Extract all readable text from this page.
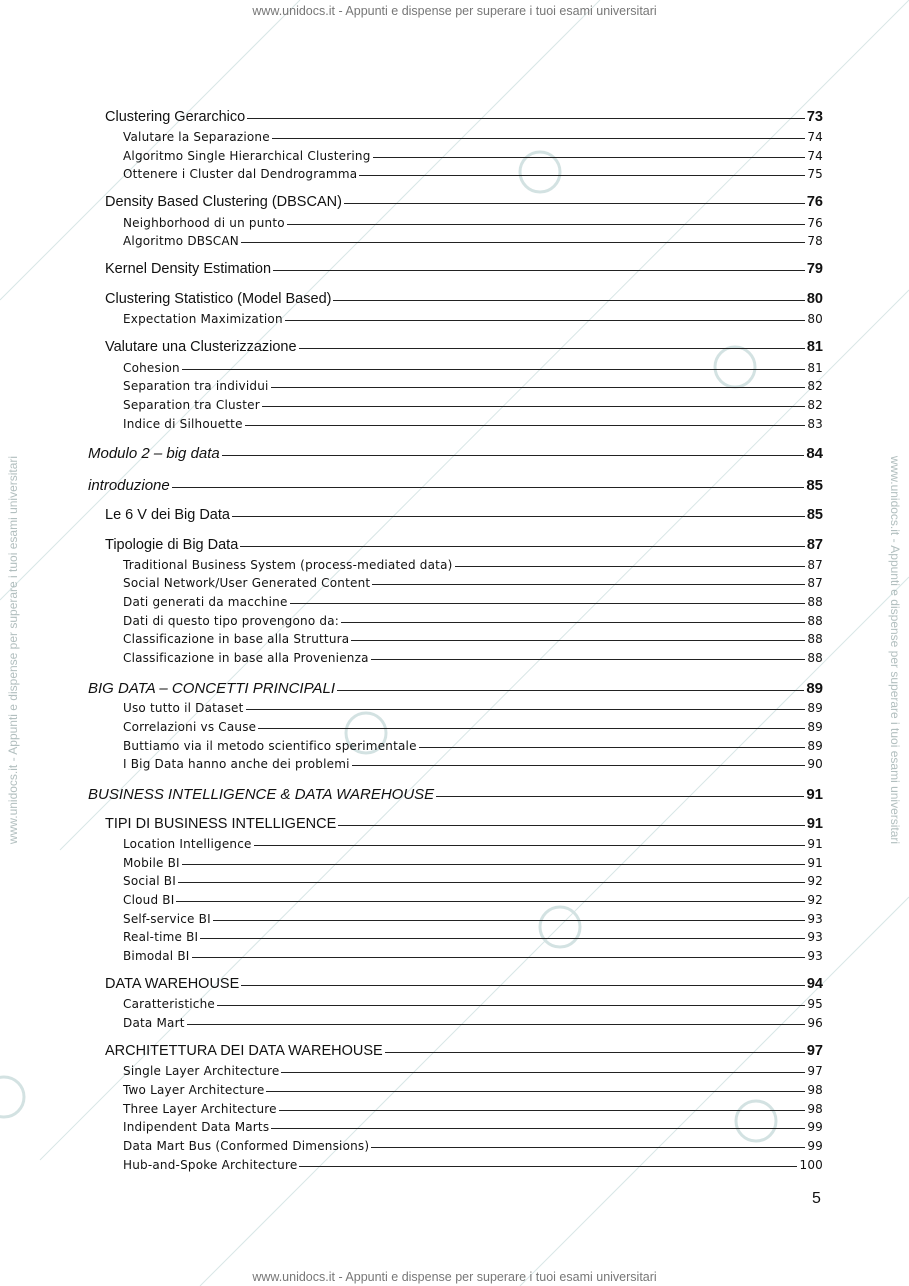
www.unidocs.it - Appunti e dispense per superare i tuoi esami universitari
www.unidocs.it - Appunti e dispense per superare i tuoi esami universitari
www.unidocs.it - Appunti e dispense per superare i tuoi esami universitari	www.unidocs.it - Appunti e dispense per superare i tuoi esami universitari
Clustering Gerarchico	73
Valutare la Separazione	74
Algoritmo Single Hierarchical Clustering	74
Ottenere i Cluster dal Dendrogramma	75
Density Based Clustering (DBSCAN)	76
Neighborhood di un punto	76
Algoritmo DBSCAN	78
Kernel Density Estimation	79
Clustering Statistico (Model Based)	80
Expectation Maximization	80
Valutare una Clusterizzazione	81
Cohesion	81
Separation tra individui	82
Separation tra Cluster	82
Indice di Silhouette	83
Modulo 2 – big data	84
introduzione	85
Le 6 V dei Big Data	85
Tipologie di Big Data	87
Traditional Business System (process-mediated data)	87
Social Network/User Generated Content	87
Dati generati da macchine	88
Dati di questo tipo provengono da:	88
Classificazione in base alla Struttura	88
Classificazione in base alla Provenienza	88
BIG DATA – CONCETTI PRINCIPALI	89
Uso tutto il Dataset	89
Correlazioni vs Cause	89
Buttiamo via il metodo scientifico sperimentale	89
I Big Data hanno anche dei problemi	90
BUSINESS INTELLIGENCE & DATA WAREHOUSE	91
TIPI DI BUSINESS INTELLIGENCE	91
Location Intelligence	91
Mobile BI	91
Social BI	92
Cloud BI	92
Self-service BI	93
Real-time BI	93
Bimodal BI	93
DATA WAREHOUSE	94
Caratteristiche	95
Data Mart	96
ARCHITETTURA DEI DATA WAREHOUSE	97
Single Layer Architecture	97
Two Layer Architecture	98
Three Layer Architecture	98
Indipendent Data Marts	99
Data Mart Bus (Conformed Dimensions)	99
Hub-and-Spoke Architecture	100
5
